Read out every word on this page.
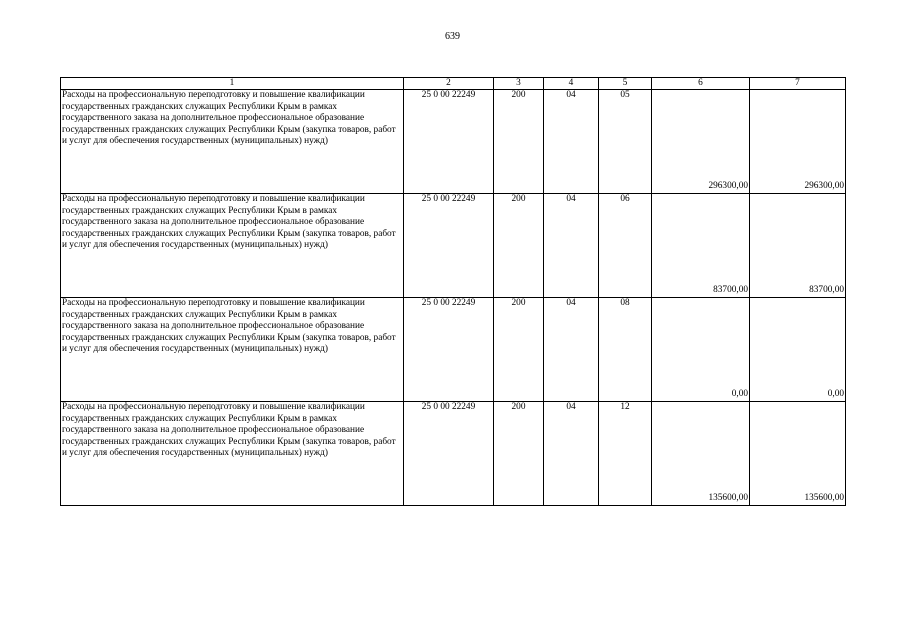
639
1	2	3	4	5	6	7
Расходы на профессиональную переподготовку и повышение квалификации государственных гражданских служащих Республики Крым в рамках государственного заказа на дополнительное профессиональное образование государственных гражданских служащих Республики Крым (закупка товаров, работ и услуг для обеспечения государственных (муниципальных) нужд)	25 0 00 22249	200	04	05	296300,00	296300,00
Расходы на профессиональную переподготовку и повышение квалификации государственных гражданских служащих Республики Крым в рамках государственного заказа на дополнительное профессиональное образование государственных гражданских служащих Республики Крым (закупка товаров, работ и услуг для обеспечения государственных (муниципальных) нужд)	25 0 00 22249	200	04	06	83700,00	83700,00
Расходы на профессиональную переподготовку и повышение квалификации государственных гражданских служащих Республики Крым в рамках государственного заказа на дополнительное профессиональное образование государственных гражданских служащих Республики Крым (закупка товаров, работ и услуг для обеспечения государственных (муниципальных) нужд)	25 0 00 22249	200	04	08	0,00	0,00
Расходы на профессиональную переподготовку и повышение квалификации государственных гражданских служащих Республики Крым в рамках государственного заказа на дополнительное профессиональное образование государственных гражданских служащих Республики Крым (закупка товаров, работ и услуг для обеспечения государственных (муниципальных) нужд)	25 0 00 22249	200	04	12	135600,00	135600,00
